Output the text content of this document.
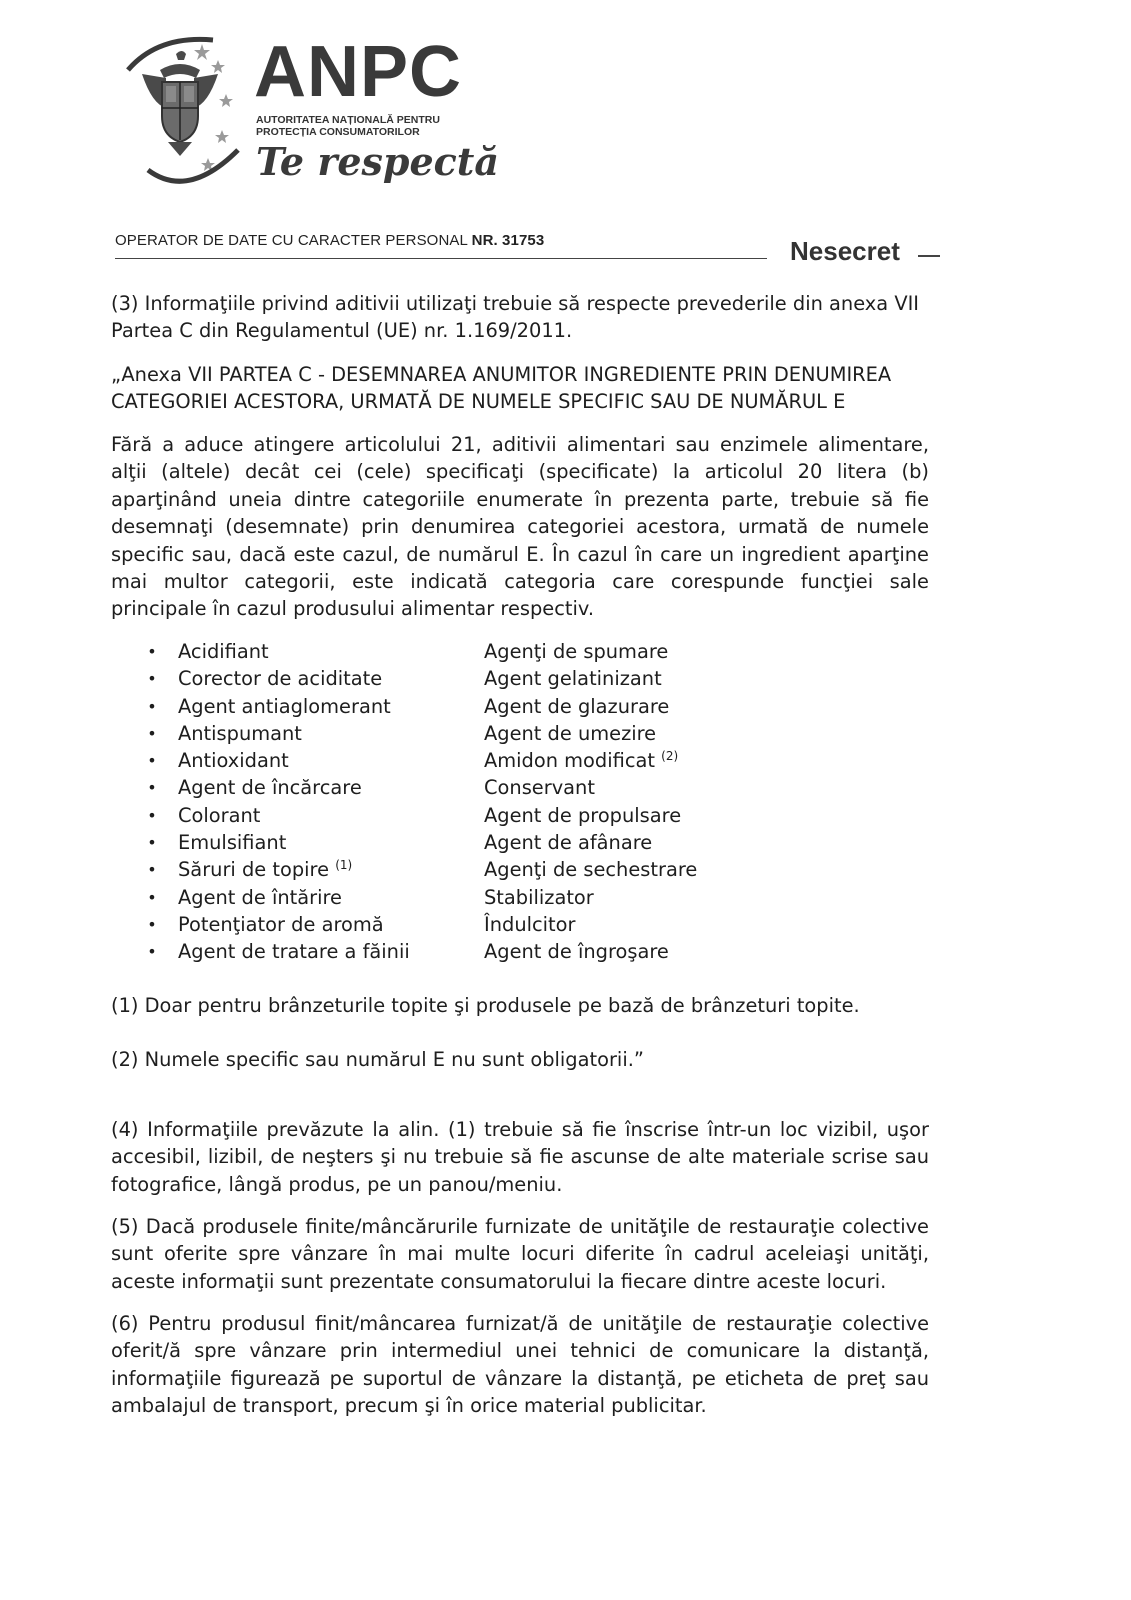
ANPC
AUTORITATEA NAȚIONALĂ PENTRU
PROTECȚIA CONSUMATORILOR
Te respectă
OPERATOR DE DATE CU CARACTER PERSONAL NR. 31753	Nesecret

(3) Informaţiile privind aditivii utilizaţi trebuie să respecte prevederile din anexa VII Partea C din Regulamentul (UE) nr. 1.169/2011.

„Anexa VII PARTEA C - DESEMNAREA ANUMITOR INGREDIENTE PRIN DENUMIREA CATEGORIEI ACESTORA, URMATĂ DE NUMELE SPECIFIC SAU DE NUMĂRUL E

Fără a aduce atingere articolului 21, aditivii alimentari sau enzimele alimentare, alţii (altele) decât cei (cele) specificaţi (specificate) la articolul 20 litera (b) aparţinând uneia dintre categoriile enumerate în prezenta parte, trebuie să fie desemnaţi (desemnate) prin denumirea categoriei acestora, urmată de numele specific sau, dacă este cazul, de numărul E. În cazul în care un ingredient aparţine mai multor categorii, este indicată categoria care corespunde funcţiei sale principale în cazul produsului alimentar respectiv.

• Acidifiant	Agenţi de spumare
• Corector de aciditate	Agent gelatinizant
• Agent antiaglomerant	Agent de glazurare
• Antispumant	Agent de umezire
• Antioxidant	Amidon modificat $^{(2)}$
• Agent de încărcare	Conservant
• Colorant	Agent de propulsare
• Emulsifiant	Agent de afânare
• Săruri de topire $^{(1)}$	Agenţi de sechestrare
• Agent de întărire	Stabilizator
• Potenţiator de aromă	Îndulcitor
• Agent de tratare a făinii	Agent de îngroşare

(1) Doar pentru brânzeturile topite şi produsele pe bază de brânzeturi topite.

(2) Numele specific sau numărul E nu sunt obligatorii.”

(4) Informaţiile prevăzute la alin. (1) trebuie să fie înscrise într-un loc vizibil, uşor accesibil, lizibil, de neşters şi nu trebuie să fie ascunse de alte materiale scrise sau fotografice, lângă produs, pe un panou/meniu.

(5) Dacă produsele finite/mâncărurile furnizate de unităţile de restauraţie colective sunt oferite spre vânzare în mai multe locuri diferite în cadrul aceleiaşi unităţi, aceste informaţii sunt prezentate consumatorului la fiecare dintre aceste locuri.

(6) Pentru produsul finit/mâncarea furnizat/ă de unităţile de restauraţie colective oferit/ă spre vânzare prin intermediul unei tehnici de comunicare la distanţă, informaţiile figurează pe suportul de vânzare la distanţă, pe eticheta de preţ sau ambalajul de transport, precum şi în orice material publicitar.
